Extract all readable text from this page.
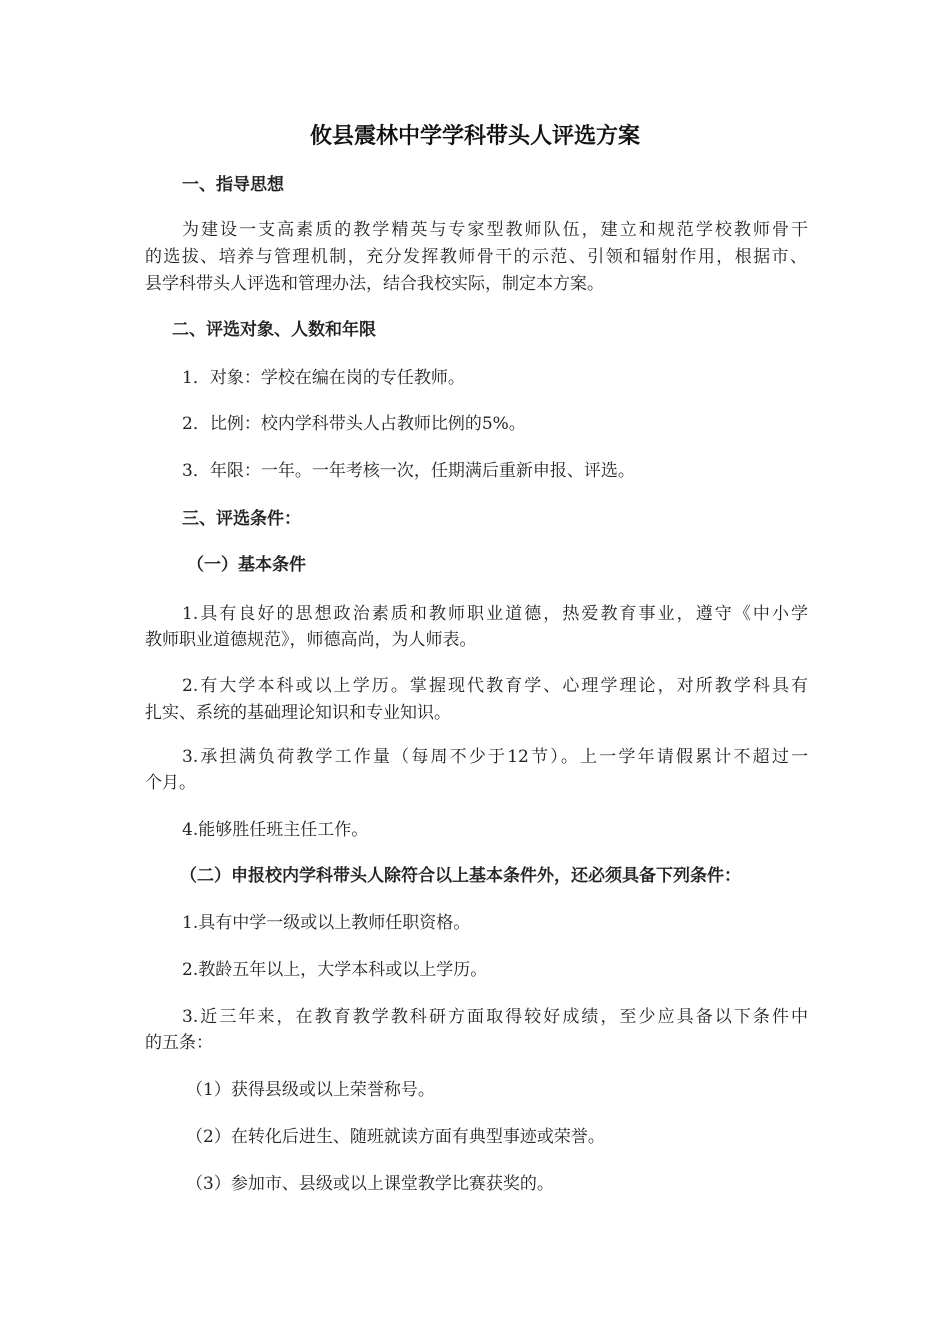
攸县震林中学学科带头人评选方案

一、指导思想

为建设一支高素质的教学精英与专家型教师队伍，建立和规范学校教师骨干

的选拔、培养与管理机制，充分发挥教师骨干的示范、引领和辐射作用，根据市、

县学科带头人评选和管理办法，结合我校实际，制定本方案。

二、评选对象、人数和年限

1．对象：学校在编在岗的专任教师。

2．比例：校内学科带头人占教师比例的5%。

3．年限：一年。一年考核一次，任期满后重新申报、评选。

三、评选条件：

（一）基本条件

1.具有良好的思想政治素质和教师职业道德，热爱教育事业，遵守《中小学

教师职业道德规范》，师德高尚，为人师表。

2.有大学本科或以上学历。掌握现代教育学、心理学理论，对所教学科具有

扎实、系统的基础理论知识和专业知识。

3.承担满负荷教学工作量（每周不少于12节）。上一学年请假累计不超过一

个月。

4.能够胜任班主任工作。

（二）申报校内学科带头人除符合以上基本条件外，还必须具备下列条件：

1.具有中学一级或以上教师任职资格。

2.教龄五年以上，大学本科或以上学历。

3.近三年来，在教育教学教科研方面取得较好成绩，至少应具备以下条件中

的五条：

（1）获得县级或以上荣誉称号。

（2）在转化后进生、随班就读方面有典型事迹或荣誉。

（3）参加市、县级或以上课堂教学比赛获奖的。
